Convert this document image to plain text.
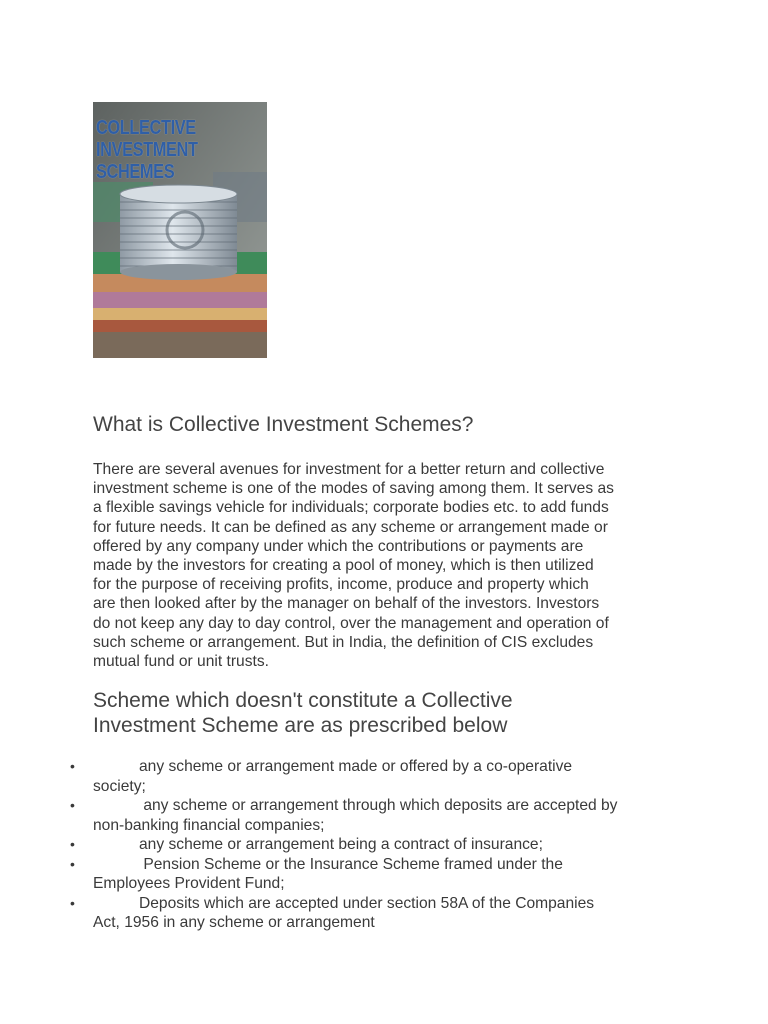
COLLECTIVE
INVESTMENT
SCHEMES
What is Collective Investment Schemes?

There are several avenues for investment for a better return and collective
investment scheme is one of the modes of saving among them. It serves as
a flexible savings vehicle for individuals; corporate bodies etc. to add funds
for future needs. It can be defined as any scheme or arrangement made or
offered by any company under which the contributions or payments are
made by the investors for creating a pool of money, which is then utilized
for the purpose of receiving profits, income, produce and property which
are then looked after by the manager on behalf of the investors. Investors
do not keep any day to day control, over the management and operation of
such scheme or arrangement. But in India, the definition of CIS excludes
mutual fund or unit trusts.

Scheme which doesn't constitute a Collective
Investment Scheme are as prescribed below
•	any scheme or arrangement made or offered by a co-operative
society;
•	any scheme or arrangement through which deposits are accepted by
non-banking financial companies;
•	any scheme or arrangement being a contract of insurance;
•	Pension Scheme or the Insurance Scheme framed under the
Employees Provident Fund;
•	Deposits which are accepted under section 58A of the Companies
Act, 1956 in any scheme or arrangement
